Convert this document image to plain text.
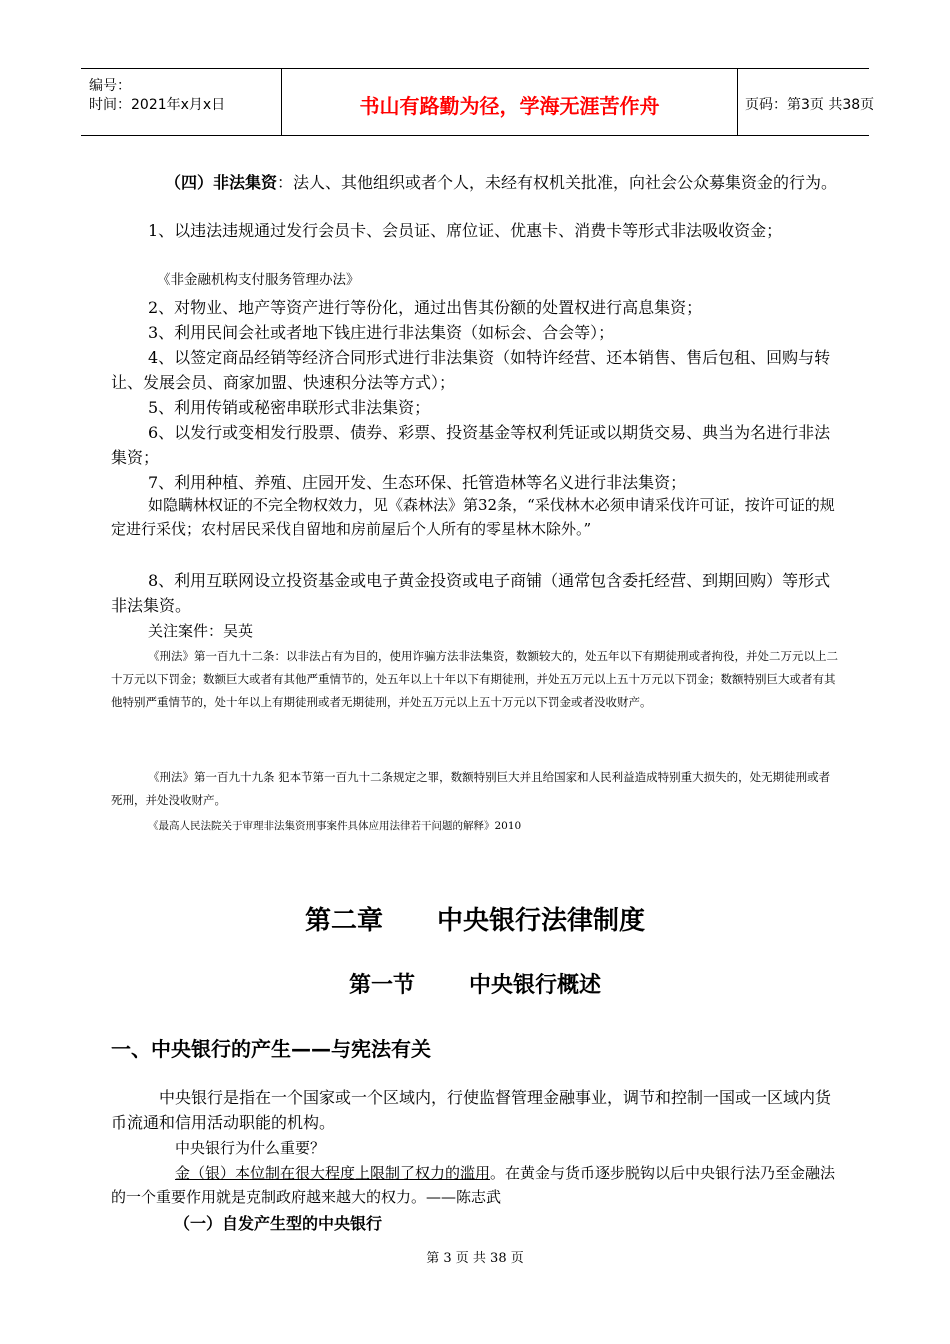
编号：
时间：2021年x月x日	书山有路勤为径，学海无涯苦作舟	页码：第3页 共38页
（四）非法集资：法人、其他组织或者个人，未经有权机关批准，向社会公众募集资金的行为。
1、以违法违规通过发行会员卡、会员证、席位证、优惠卡、消费卡等形式非法吸收资金；
《非金融机构支付服务管理办法》
2、对物业、地产等资产进行等份化，通过出售其份额的处置权进行高息集资；
3、利用民间会社或者地下钱庄进行非法集资（如标会、合会等）；
4、以签定商品经销等经济合同形式进行非法集资（如特许经营、还本销售、售后包租、回购与转让、发展会员、商家加盟、快速积分法等方式）；
5、利用传销或秘密串联形式非法集资；
6、以发行或变相发行股票、债券、彩票、投资基金等权利凭证或以期货交易、典当为名进行非法集资；
7、利用种植、养殖、庄园开发、生态环保、托管造林等名义进行非法集资；
如隐瞒林权证的不完全物权效力，见《森林法》第32条，“采伐林木必须申请采伐许可证，按许可证的规定进行采伐；农村居民采伐自留地和房前屋后个人所有的零星林木除外。”
8、利用互联网设立投资基金或电子黄金投资或电子商铺（通常包含委托经营、到期回购）等形式非法集资。
关注案件：吴英
《刑法》第一百九十二条：以非法占有为目的，使用诈骗方法非法集资，数额较大的，处五年以下有期徒刑或者拘役，并处二万元以上二十万元以下罚金；数额巨大或者有其他严重情节的，处五年以上十年以下有期徒刑，并处五万元以上五十万元以下罚金；数额特别巨大或者有其他特别严重情节的，处十年以上有期徒刑或者无期徒刑，并处五万元以上五十万元以下罚金或者没收财产。
《刑法》第一百九十九条 犯本节第一百九十二条规定之罪，数额特别巨大并且给国家和人民利益造成特别重大损失的，处无期徒刑或者死刑，并处没收财产。
《最高人民法院关于审理非法集资刑事案件具体应用法律若干问题的解释》2010
第二章 中央银行法律制度
第一节 中央银行概述
一、中央银行的产生——与宪法有关
中央银行是指在一个国家或一个区域内，行使监督管理金融事业，调节和控制一国或一区域内货币流通和信用活动职能的机构。
中央银行为什么重要？
金（银）本位制在很大程度上限制了权力的滥用。在黄金与货币逐步脱钩以后中央银行法乃至金融法的一个重要作用就是克制政府越来越大的权力。——陈志武
（一）自发产生型的中央银行
第 3 页 共 38 页
